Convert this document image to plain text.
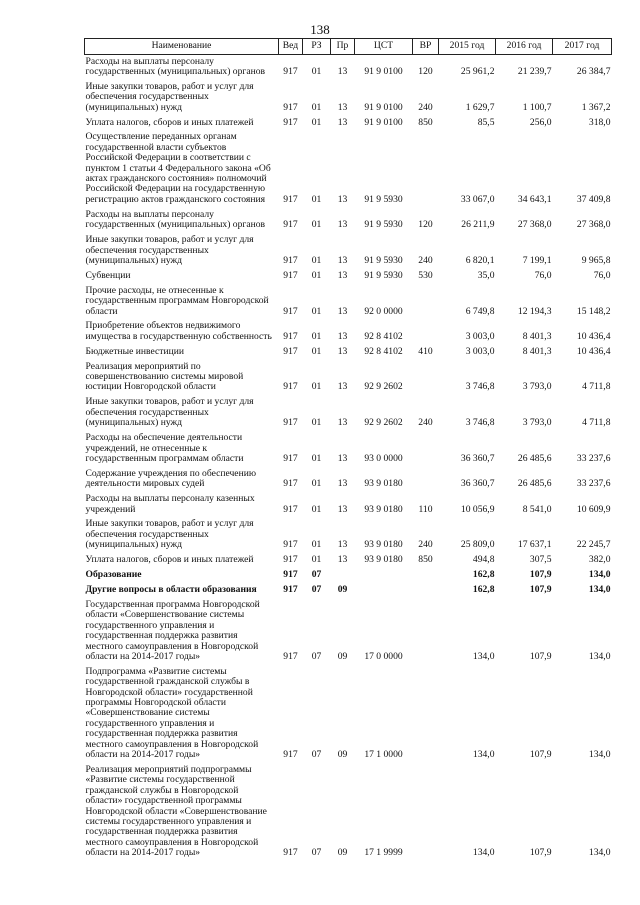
138
Наименование	Вед	РЗ	Пр	ЦСТ	ВР	2015 год	2016 год	2017 год
Расходы на выплаты персоналу государственных (муниципальных) органов	917	01	13	91 9 0100	120	25 961,2	21 239,7	26 384,7
Иные закупки товаров, работ и услуг для обеспечения государственных (муниципальных) нужд	917	01	13	91 9 0100	240	1 629,7	1 100,7	1 367,2
Уплата налогов, сборов и иных платежей	917	01	13	91 9 0100	850	85,5	256,0	318,0
Осуществление переданных органам государственной власти субъектов Российской Федерации в соответствии с пунктом 1 статьи 4 Федерального закона «Об актах гражданского состояния» полномочий Российской Федерации на государственную регистрацию актов гражданского состояния	917	01	13	91 9 5930		33 067,0	34 643,1	37 409,8
Расходы на выплаты персоналу государственных (муниципальных) органов	917	01	13	91 9 5930	120	26 211,9	27 368,0	27 368,0
Иные закупки товаров, работ и услуг для обеспечения государственных (муниципальных) нужд	917	01	13	91 9 5930	240	6 820,1	7 199,1	9 965,8
Субвенции	917	01	13	91 9 5930	530	35,0	76,0	76,0
Прочие расходы, не отнесенные к государственным программам Новгородской области	917	01	13	92 0 0000		6 749,8	12 194,3	15 148,2
Приобретение объектов недвижимого имущества в государственную собственность	917	01	13	92 8 4102		3 003,0	8 401,3	10 436,4
Бюджетные инвестиции	917	01	13	92 8 4102	410	3 003,0	8 401,3	10 436,4
Реализация мероприятий по совершенствованию системы мировой юстиции Новгородской области	917	01	13	92 9 2602		3 746,8	3 793,0	4 711,8
Иные закупки товаров, работ и услуг для обеспечения государственных (муниципальных) нужд	917	01	13	92 9 2602	240	3 746,8	3 793,0	4 711,8
Расходы на обеспечение деятельности учреждений, не отнесенные к государственным программам области	917	01	13	93 0 0000		36 360,7	26 485,6	33 237,6
Содержание учреждения по обеспечению деятельности мировых судей	917	01	13	93 9 0180		36 360,7	26 485,6	33 237,6
Расходы на выплаты персоналу казенных учреждений	917	01	13	93 9 0180	110	10 056,9	8 541,0	10 609,9
Иные закупки товаров, работ и услуг для обеспечения государственных (муниципальных) нужд	917	01	13	93 9 0180	240	25 809,0	17 637,1	22 245,7
Уплата налогов, сборов и иных платежей	917	01	13	93 9 0180	850	494,8	307,5	382,0
Образование	917	07				162,8	107,9	134,0
Другие вопросы в области образования	917	07	09			162,8	107,9	134,0
Государственная программа Новгородской области «Совершенствование системы государственного управления и государственная поддержка развития местного самоуправления в Новгородской области на 2014-2017 годы»	917	07	09	17 0 0000		134,0	107,9	134,0
Подпрограмма «Развитие системы государственной гражданской службы в Новгородской области» государственной программы Новгородской области «Совершенствование системы государственного управления и государственная поддержка развития местного самоуправления в Новгородской области на 2014-2017 годы»	917	07	09	17 1 0000		134,0	107,9	134,0
Реализация мероприятий подпрограммы «Развитие системы государственной гражданской службы в Новгородской области» государственной программы Новгородской области «Совершенствование системы государственного управления и государственная поддержка развития местного самоуправления в Новгородской области на 2014-2017 годы»	917	07	09	17 1 9999		134,0	107,9	134,0
